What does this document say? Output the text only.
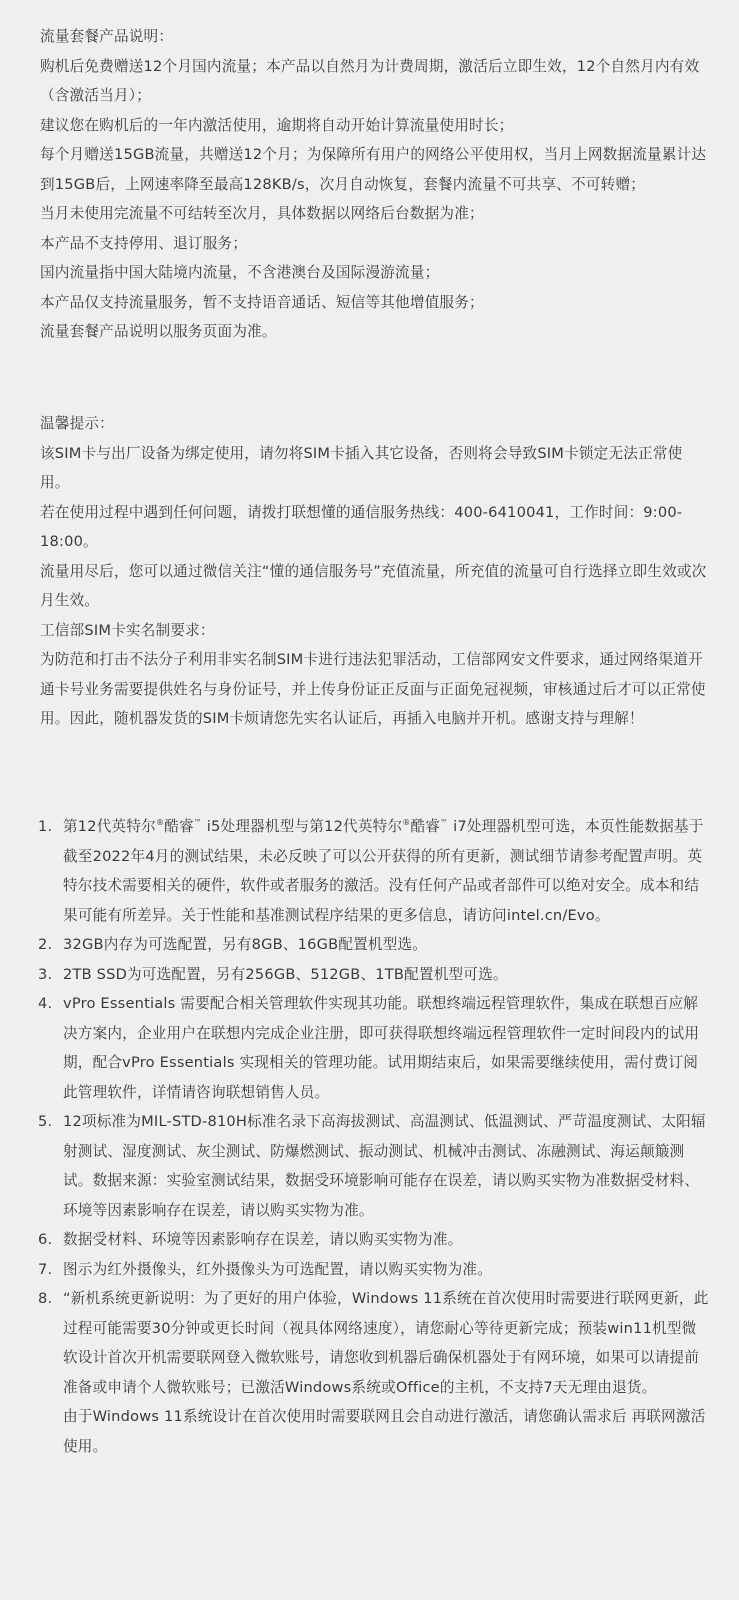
流量套餐产品说明：

购机后免费赠送12个月国内流量；本产品以自然月为计费周期，激活后立即生效，12个自然月内有效（含激活当月）；

建议您在购机后的一年内激活使用，逾期将自动开始计算流量使用时长；

每个月赠送15GB流量，共赠送12个月；为保障所有用户的网络公平使用权，当月上网数据流量累计达到15GB后，上网速率降至最高128KB/s，次月自动恢复，套餐内流量不可共享、不可转赠；

当月未使用完流量不可结转至次月，具体数据以网络后台数据为准；

本产品不支持停用、退订服务；

国内流量指中国大陆境内流量，不含港澳台及国际漫游流量；

本产品仅支持流量服务，暂不支持语音通话、短信等其他增值服务；

流量套餐产品说明以服务页面为准。

温馨提示：

该SIM卡与出厂设备为绑定使用，请勿将SIM卡插入其它设备，否则将会导致SIM卡锁定无法正常使用。

若在使用过程中遇到任何问题，请拨打联想懂的通信服务热线：400-6410041，工作时间：9:00-18:00。

流量用尽后，您可以通过微信关注“懂的通信服务号”充值流量，所充值的流量可自行选择立即生效或次月生效。

工信部SIM卡实名制要求：

为防范和打击不法分子利用非实名制SIM卡进行违法犯罪活动，工信部网安文件要求，通过网络渠道开通卡号业务需要提供姓名与身份证号，并上传身份证正反面与正面免冠视频，审核通过后才可以正常使用。因此，随机器发货的SIM卡烦请您先实名认证后，再插入电脑并开机。感谢支持与理解！

1. 第12代英特尔®酷睿™ i5处理器机型与第12代英特尔®酷睿™ i7处理器机型可选，本页性能数据基于截至2022年4月的测试结果，未必反映了可以公开获得的所有更新，测试细节请参考配置声明。英特尔技术需要相关的硬件，软件或者服务的激活。没有任何产品或者部件可以绝对安全。成本和结果可能有所差异。关于性能和基准测试程序结果的更多信息，请访问intel.cn/Evo。

2. 32GB内存为可选配置，另有8GB、16GB配置机型选。

3. 2TB SSD为可选配置，另有256GB、512GB、1TB配置机型可选。

4. vPro Essentials 需要配合相关管理软件实现其功能。联想终端远程管理软件，集成在联想百应解决方案内，企业用户在联想内完成企业注册，即可获得联想终端远程管理软件一定时间段内的试用期，配合vPro Essentials 实现相关的管理功能。试用期结束后，如果需要继续使用，需付费订阅此管理软件，详情请咨询联想销售人员。

5. 12项标准为MIL-STD-810H标准名录下高海拔测试、高温测试、低温测试、严苛温度测试、太阳辐射测试、湿度测试、灰尘测试、防爆燃测试、振动测试、机械冲击测试、冻融测试、海运颠簸测试。数据来源：实验室测试结果，数据受环境影响可能存在误差，请以购买实物为准数据受材料、环境等因素影响存在误差，请以购买实物为准。

6. 数据受材料、环境等因素影响存在误差，请以购买实物为准。

7. 图示为红外摄像头，红外摄像头为可选配置，请以购买实物为准。

8. “新机系统更新说明：为了更好的用户体验，Windows 11系统在首次使用时需要进行联网更新，此过程可能需要30分钟或更长时间（视具体网络速度），请您耐心等待更新完成；预装win11机型微软设计首次开机需要联网登入微软账号，请您收到机器后确保机器处于有网环境，如果可以请提前准备或申请个人微软账号；已激活Windows系统或Office的主机，不支持7天无理由退货。

由于Windows 11系统设计在首次使用时需要联网且会自动进行激活，请您确认需求后 再联网激活使用。
